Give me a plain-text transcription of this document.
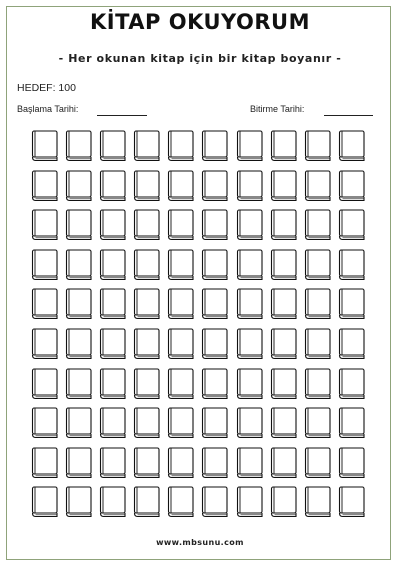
KİTAP OKUYORUM
- Her okunan kitap için bir kitap boyanır -
HEDEF: 100
Başlama Tarihi:	Bitirme Tarihi:
www.mbsunu.com
